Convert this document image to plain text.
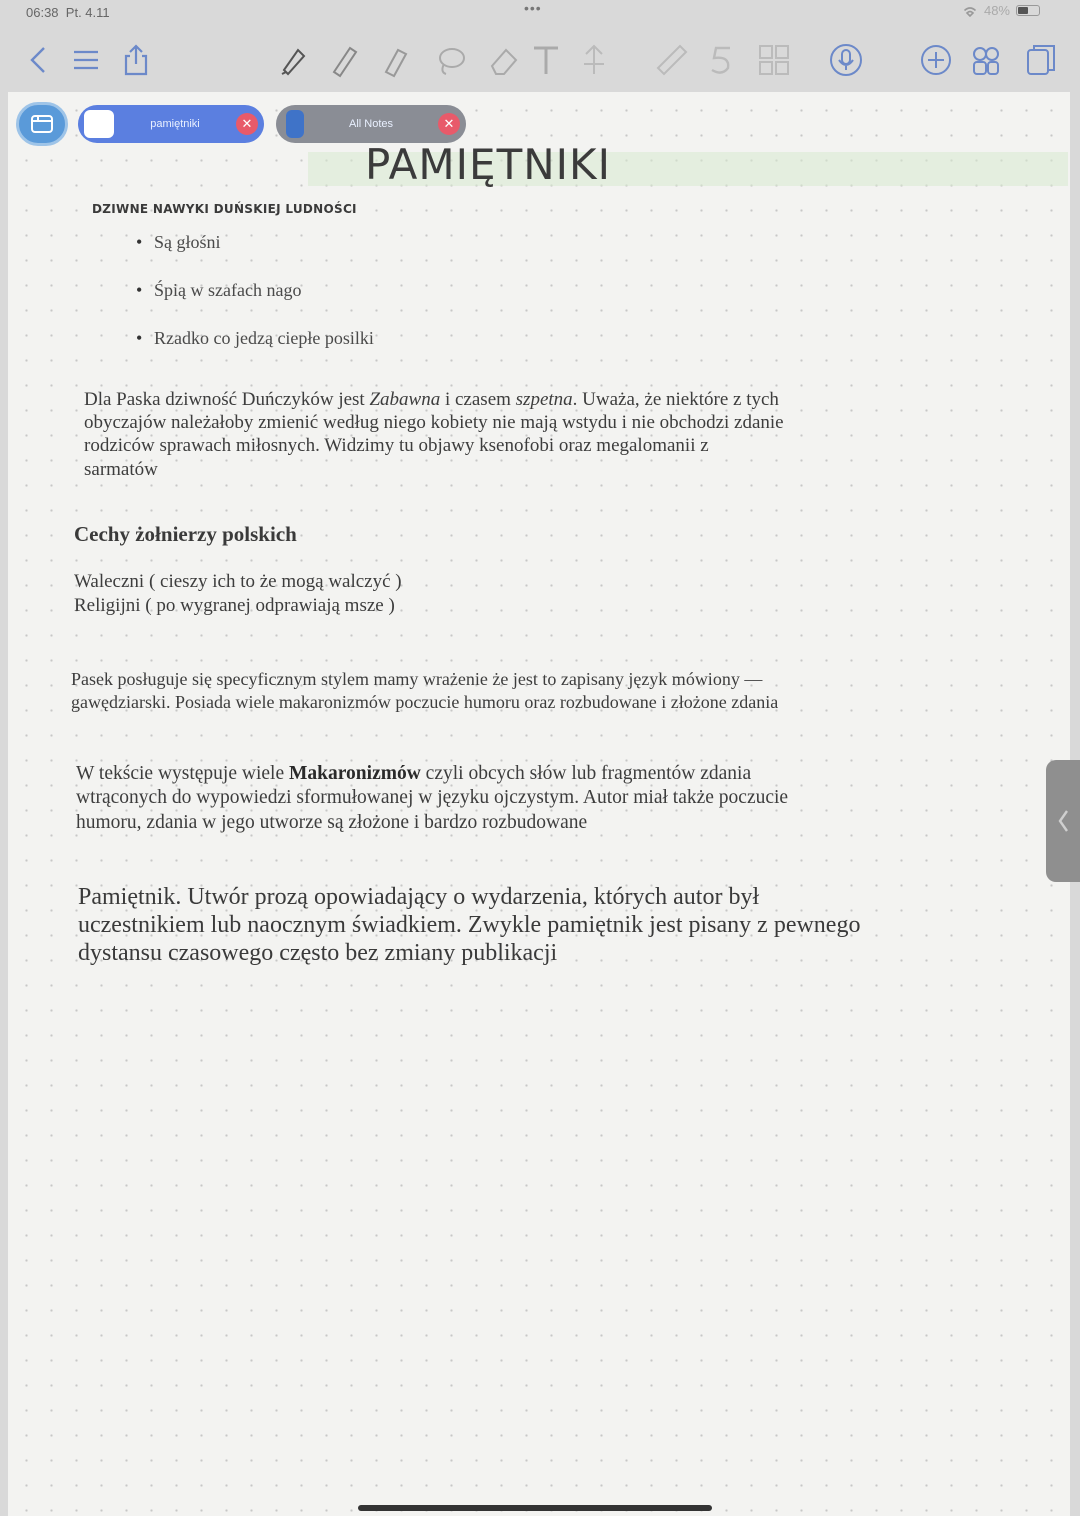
06:38 Pt. 4.11	•••	48%
pamiętniki	✕	All Notes	✕
PAMIĘTNIKI
DZIWNE NAWYKI DUŃSKIEJ LUDNOŚCI
• Są głośni
• Śpią w szafach nago
• Rzadko co jedzą ciepłe posilki
Dla Paska dziwność Duńczyków jest Zabawna i czasem szpetna. Uważa, że niektóre z tych obyczajów należałoby zmienić według niego kobiety nie mają wstydu i nie obchodzi zdanie rodziców sprawach miłosnych. Widzimy tu objawy ksenofobi oraz megalomanii z sarmatów
Cechy żołnierzy polskich
Waleczni ( cieszy ich to że mogą walczyć )
Religijni ( po wygranej odprawiają msze )
Pasek posługuje się specyficznym stylem mamy wrażenie że jest to zapisany język mówiony — gawędziarski. Posiada wiele makaronizmów poczucie humoru oraz rozbudowane i złożone zdania
W tekście występuje wiele Makaronizmów czyli obcych słów lub fragmentów zdania wtrąconych do wypowiedzi sformułowanej w języku ojczystym. Autor miał także poczucie humoru, zdania w jego utworze są złożone i bardzo rozbudowane
Pamiętnik. Utwór prozą opowiadający o wydarzenia, których autor był uczestnikiem lub naocznym świadkiem. Zwykle pamiętnik jest pisany z pewnego dystansu czasowego często bez zmiany publikacji
